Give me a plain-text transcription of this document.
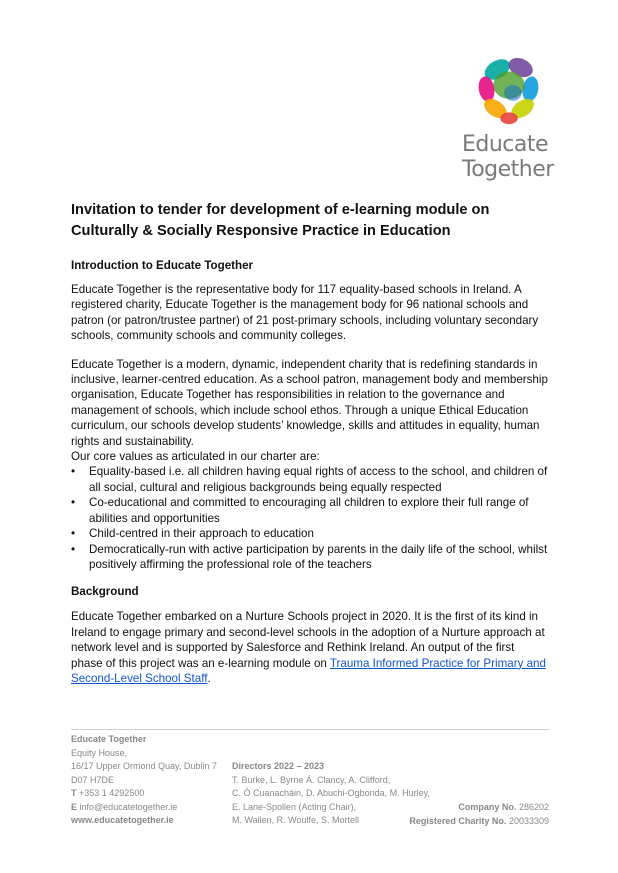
Educate
Together
Invitation to tender for development of e-learning module on
Culturally & Socially Responsive Practice in Education
Introduction to Educate Together

Educate Together is the representative body for 117 equality-based schools in Ireland. A registered charity, Educate Together is the management body for 96 national schools and patron (or patron/trustee partner) of 21 post-primary schools, including voluntary secondary schools, community schools and community colleges.

Educate Together is a modern, dynamic, independent charity that is redefining standards in inclusive, learner-centred education. As a school patron, management body and membership organisation, Educate Together has responsibilities in relation to the governance and management of schools, which include school ethos. Through a unique Ethical Education curriculum, our schools develop students’ knowledge, skills and attitudes in equality, human rights and sustainability.

Our core values as articulated in our charter are:

• Equality-based i.e. all children having equal rights of access to the school, and children of all social, cultural and religious backgrounds being equally respected
• Co-educational and committed to encouraging all children to explore their full range of abilities and opportunities
• Child-centred in their approach to education
• Democratically-run with active participation by parents in the daily life of the school, whilst positively affirming the professional role of the teachers
Background

Educate Together embarked on a Nurture Schools project in 2020. It is the first of its kind in Ireland to engage primary and second-level schools in the adoption of a Nurture approach at network level and is supported by Salesforce and Rethink Ireland. An output of the first phase of this project was an e-learning module on Trauma Informed Practice for Primary and Second-Level School Staff.

Educate Together
Equity House,
16/17 Upper Ormond Quay, Dublin 7
D07 H7DE
T +353 1 4292500
E info@educatetogether.ie
www.educatetogether.ie
Directors 2022 – 2023
T. Burke, L. Byrne Á. Clancy, A. Clifford,
C. Ó Cuanacháin, D. Abuchi-Ogbonda, M. Hurley,
E. Lane-Spollen (Acting Chair),
M. Wallen, R. Woulfe, S. Mortell
Company No. 286202
Registered Charity No. 20033309
